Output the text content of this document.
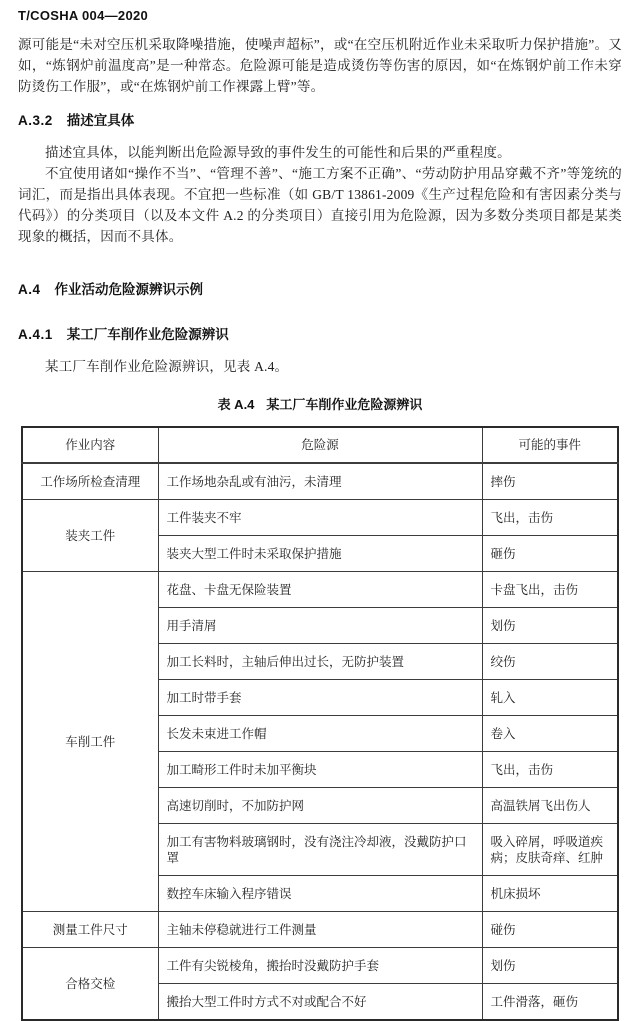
T/COSHA 004—2020

源可能是“未对空压机采取降噪措施，使噪声超标”，或“在空压机附近作业未采取听力保护措施”。又如，“炼钢炉前温度高”是一种常态。危险源可能是造成烫伤等伤害的原因，如“在炼钢炉前工作未穿防烫伤工作服”，或“在炼钢炉前工作裸露上臂”等。

A.3.2 描述宜具体

描述宜具体，以能判断出危险源导致的事件发生的可能性和后果的严重程度。

不宜使用诸如“操作不当”、“管理不善”、“施工方案不正确”、“劳动防护用品穿戴不齐”等笼统的词汇，而是指出具体表现。不宜把一些标准（如 GB/T 13861-2009《生产过程危险和有害因素分类与代码》）的分类项目（以及本文件 A.2 的分类项目）直接引用为危险源，因为多数分类项目都是某类现象的概括，因而不具体。

A.4 作业活动危险源辨识示例
A.4.1 某工厂车削作业危险源辨识

某工厂车削作业危险源辨识，见表 A.4。

表 A.4 某工厂车削作业危险源辨识
作业内容	危险源	可能的事件
工作场所检查清理	工作场地杂乱或有油污，未清理	摔伤
装夹工件	工件装夹不牢	飞出，击伤
	装夹大型工件时未采取保护措施	砸伤
车削工件	花盘、卡盘无保险装置	卡盘飞出，击伤
	用手清屑	划伤
	加工长料时，主轴后伸出过长，无防护装置	绞伤
	加工时带手套	轧入
	长发未束进工作帽	卷入
	加工畸形工件时未加平衡块	飞出，击伤
	高速切削时，不加防护网	高温铁屑飞出伤人
	加工有害物料玻璃钢时，没有浇注冷却液，没戴防护口罩	吸入碎屑，呼吸道疾病；皮肤奇痒、红肿
	数控车床输入程序错误	机床损坏
测量工件尺寸	主轴未停稳就进行工件测量	碰伤
合格交检	工件有尖锐棱角，搬抬时没戴防护手套	划伤
	搬抬大型工件时方式不对或配合不好	工件滑落，砸伤
